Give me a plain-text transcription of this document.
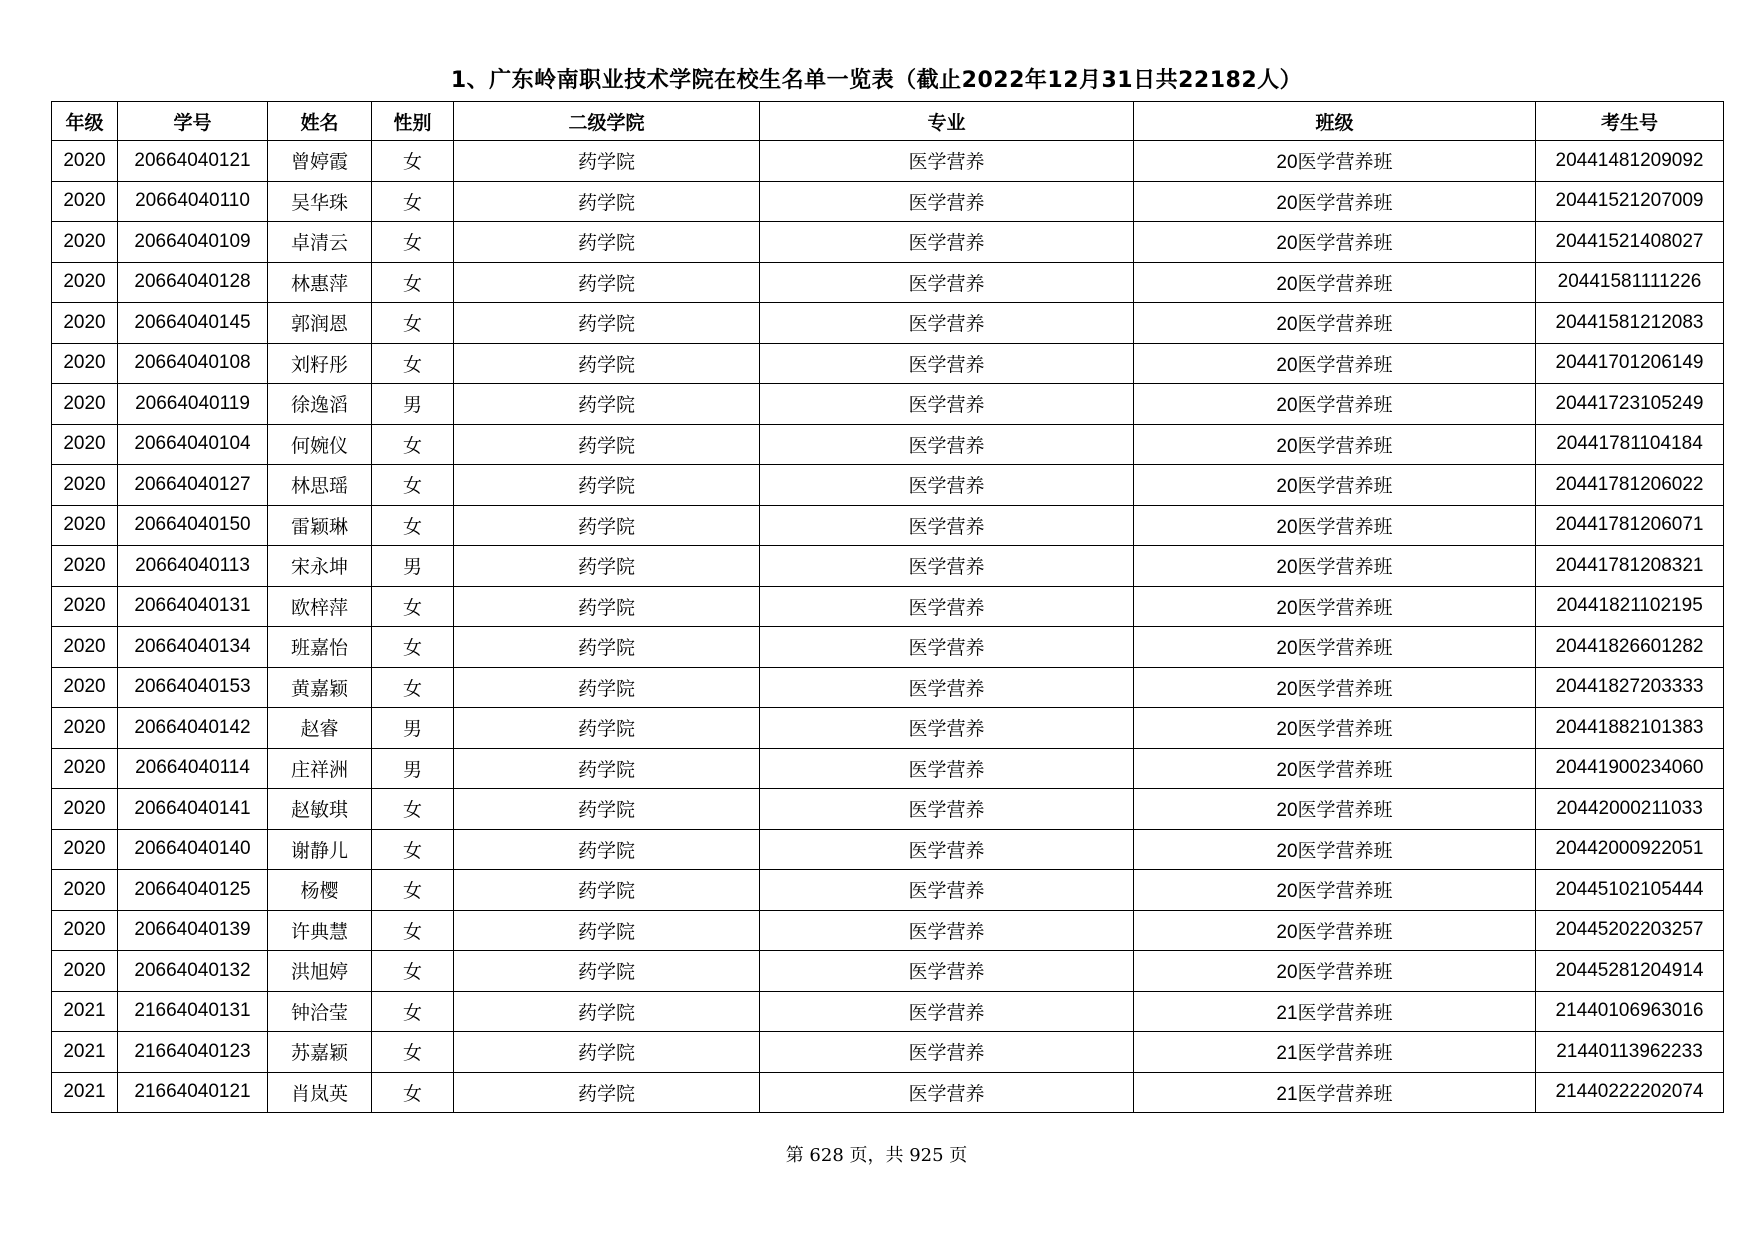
1、广东岭南职业技术学院在校生名单一览表（截止2022年12月31日共22182人）
年级	学号	姓名	性别	二级学院	专业	班级	考生号
2020	20664040121	曾婷霞	女	药学院	医学营养	20医学营养班	20441481209092
2020	20664040110	吴华珠	女	药学院	医学营养	20医学营养班	20441521207009
2020	20664040109	卓清云	女	药学院	医学营养	20医学营养班	20441521408027
2020	20664040128	林惠萍	女	药学院	医学营养	20医学营养班	20441581111226
2020	20664040145	郭润恩	女	药学院	医学营养	20医学营养班	20441581212083
2020	20664040108	刘籽彤	女	药学院	医学营养	20医学营养班	20441701206149
2020	20664040119	徐逸滔	男	药学院	医学营养	20医学营养班	20441723105249
2020	20664040104	何婉仪	女	药学院	医学营养	20医学营养班	20441781104184
2020	20664040127	林思瑶	女	药学院	医学营养	20医学营养班	20441781206022
2020	20664040150	雷颖琳	女	药学院	医学营养	20医学营养班	20441781206071
2020	20664040113	宋永坤	男	药学院	医学营养	20医学营养班	20441781208321
2020	20664040131	欧梓萍	女	药学院	医学营养	20医学营养班	20441821102195
2020	20664040134	班嘉怡	女	药学院	医学营养	20医学营养班	20441826601282
2020	20664040153	黄嘉颖	女	药学院	医学营养	20医学营养班	20441827203333
2020	20664040142	赵睿	男	药学院	医学营养	20医学营养班	20441882101383
2020	20664040114	庄祥洲	男	药学院	医学营养	20医学营养班	20441900234060
2020	20664040141	赵敏琪	女	药学院	医学营养	20医学营养班	20442000211033
2020	20664040140	谢静儿	女	药学院	医学营养	20医学营养班	20442000922051
2020	20664040125	杨樱	女	药学院	医学营养	20医学营养班	20445102105444
2020	20664040139	许典慧	女	药学院	医学营养	20医学营养班	20445202203257
2020	20664040132	洪旭婷	女	药学院	医学营养	20医学营养班	20445281204914
2021	21664040131	钟洽莹	女	药学院	医学营养	21医学营养班	21440106963016
2021	21664040123	苏嘉颖	女	药学院	医学营养	21医学营养班	21440113962233
2021	21664040121	肖岚英	女	药学院	医学营养	21医学营养班	21440222202074
第 628 页，共 925 页
